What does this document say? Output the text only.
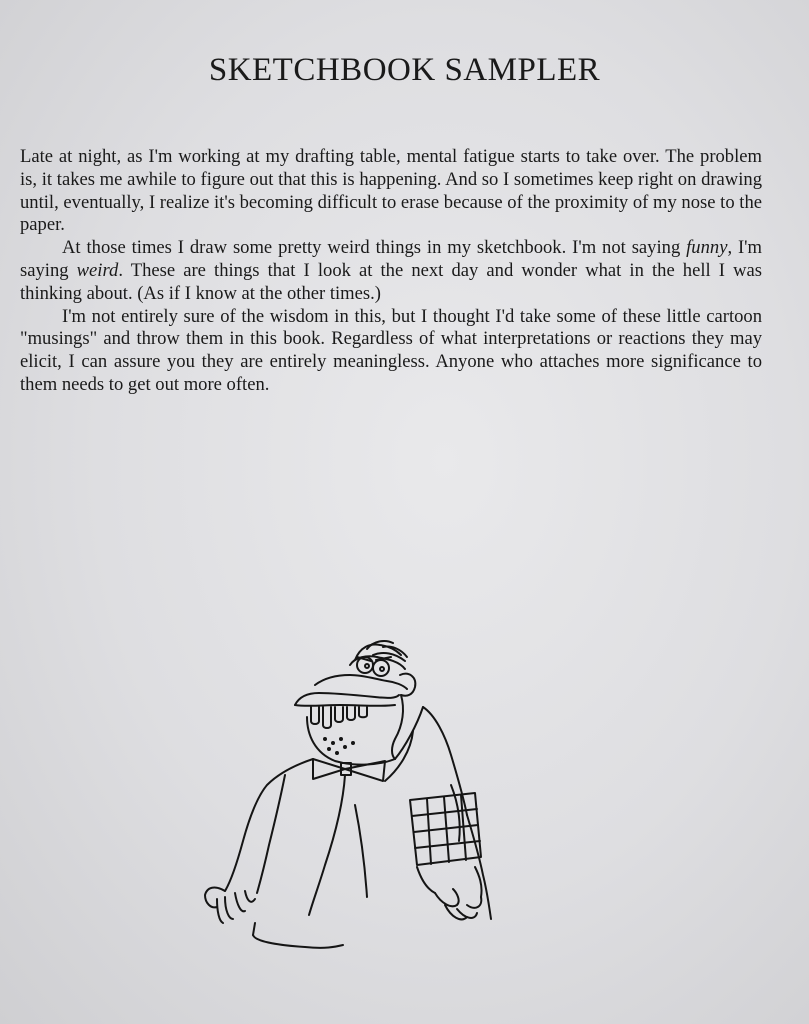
SKETCHBOOK SAMPLER

Late at night, as I'm working at my drafting table, mental fatigue starts to take over. The problem is, it takes me awhile to figure out that this is happening. And so I sometimes keep right on drawing until, eventually, I realize it's becoming difficult to erase because of the proximity of my nose to the paper.

At those times I draw some pretty weird things in my sketchbook. I'm not saying funny, I'm saying weird. These are things that I look at the next day and wonder what in the hell I was thinking about. (As if I know at the other times.)

I'm not entirely sure of the wisdom in this, but I thought I'd take some of these little cartoon "musings" and throw them in this book. Regardless of what interpretations or reactions they may elicit, I can assure you they are entirely meaningless. Anyone who attaches more significance to them needs to get out more often.
